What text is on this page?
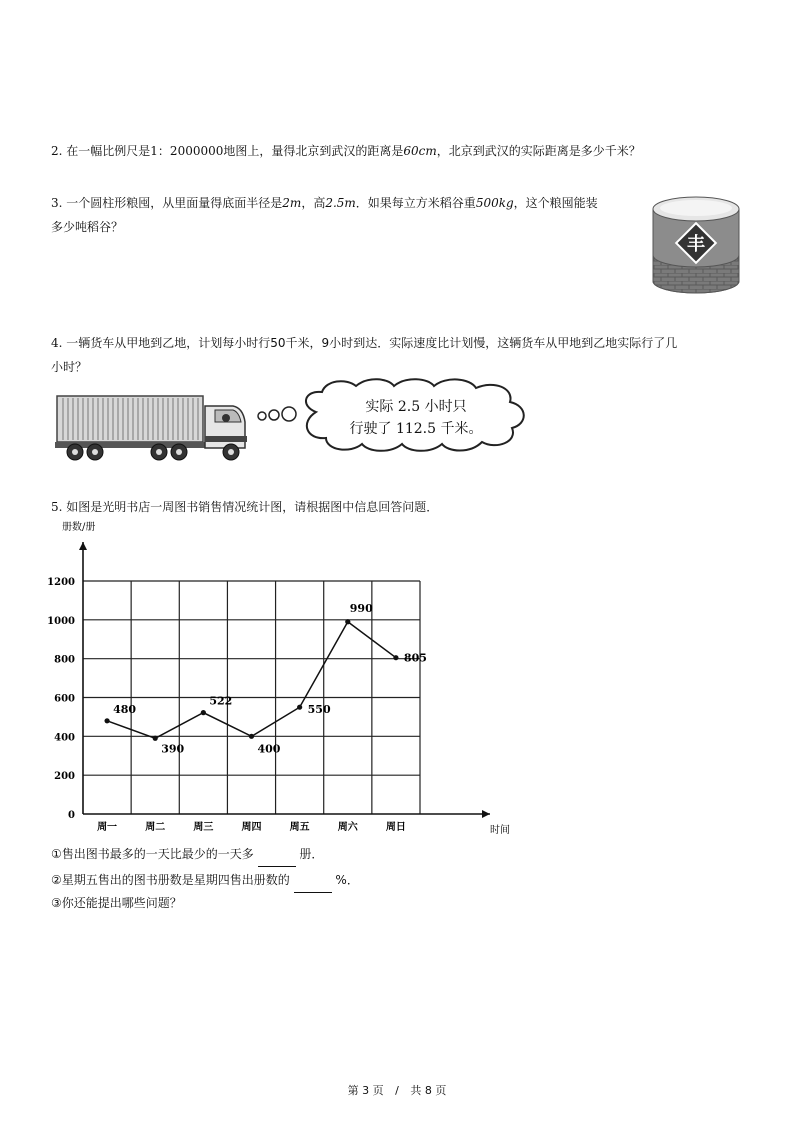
2. 在一幅比例尺是1：2000000地图上，量得北京到武汉的距离是60cm，北京到武汉的实际距离是多少千米？
3. 一个圆柱形粮囤，从里面量得底面半径是2m，高2.5m．如果每立方米稻谷重500kg，这个粮囤能装
多少吨稻谷？
丰
4. 一辆货车从甲地到乙地，计划每小时行50千米，9小时到达．实际速度比计划慢，这辆货车从甲地到乙地实际行了几
小时？
实际 2.5 小时只
行驶了 112.5 千米。
5. 如图是光明书店一周图书销售情况统计图，请根据图中信息回答问题．
册数/册
时间
0
200
400
600
800
1000
1200
周一	周二	周三	周四	周五	周六	周日
480
390
522
400
550
990
805
①售出图书最多的一天比最少的一天多	册．
②星期五售出的图书册数是星期四售出册数的	%．
③你还能提出哪些问题？
第 3 页 / 共 8 页
